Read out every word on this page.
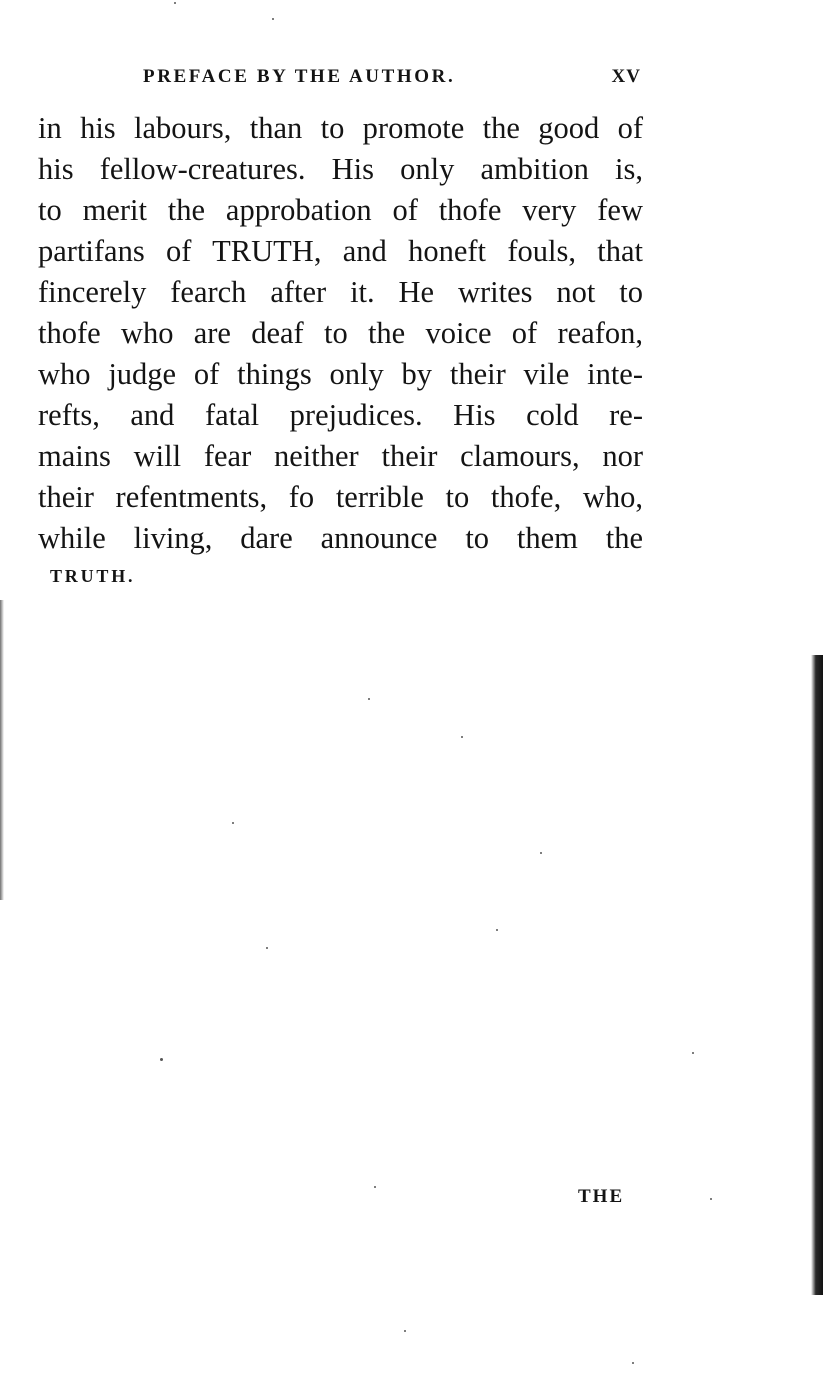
PREFACE BY THE AUTHOR.	XV
in his labours, than to promote the good of
his fellow-creatures. His only ambition is,
to merit the approbation of thofe very few
partifans of TRUTH, and honeft fouls, that
fincerely fearch after it. He writes not to
thofe who are deaf to the voice of reafon,
who judge of things only by their vile inte-
refts, and fatal prejudices. His cold re-
mains will fear neither their clamours, nor
their refentments, fo terrible to thofe, who,
while living, dare announce to them the
TRUTH.
THE
